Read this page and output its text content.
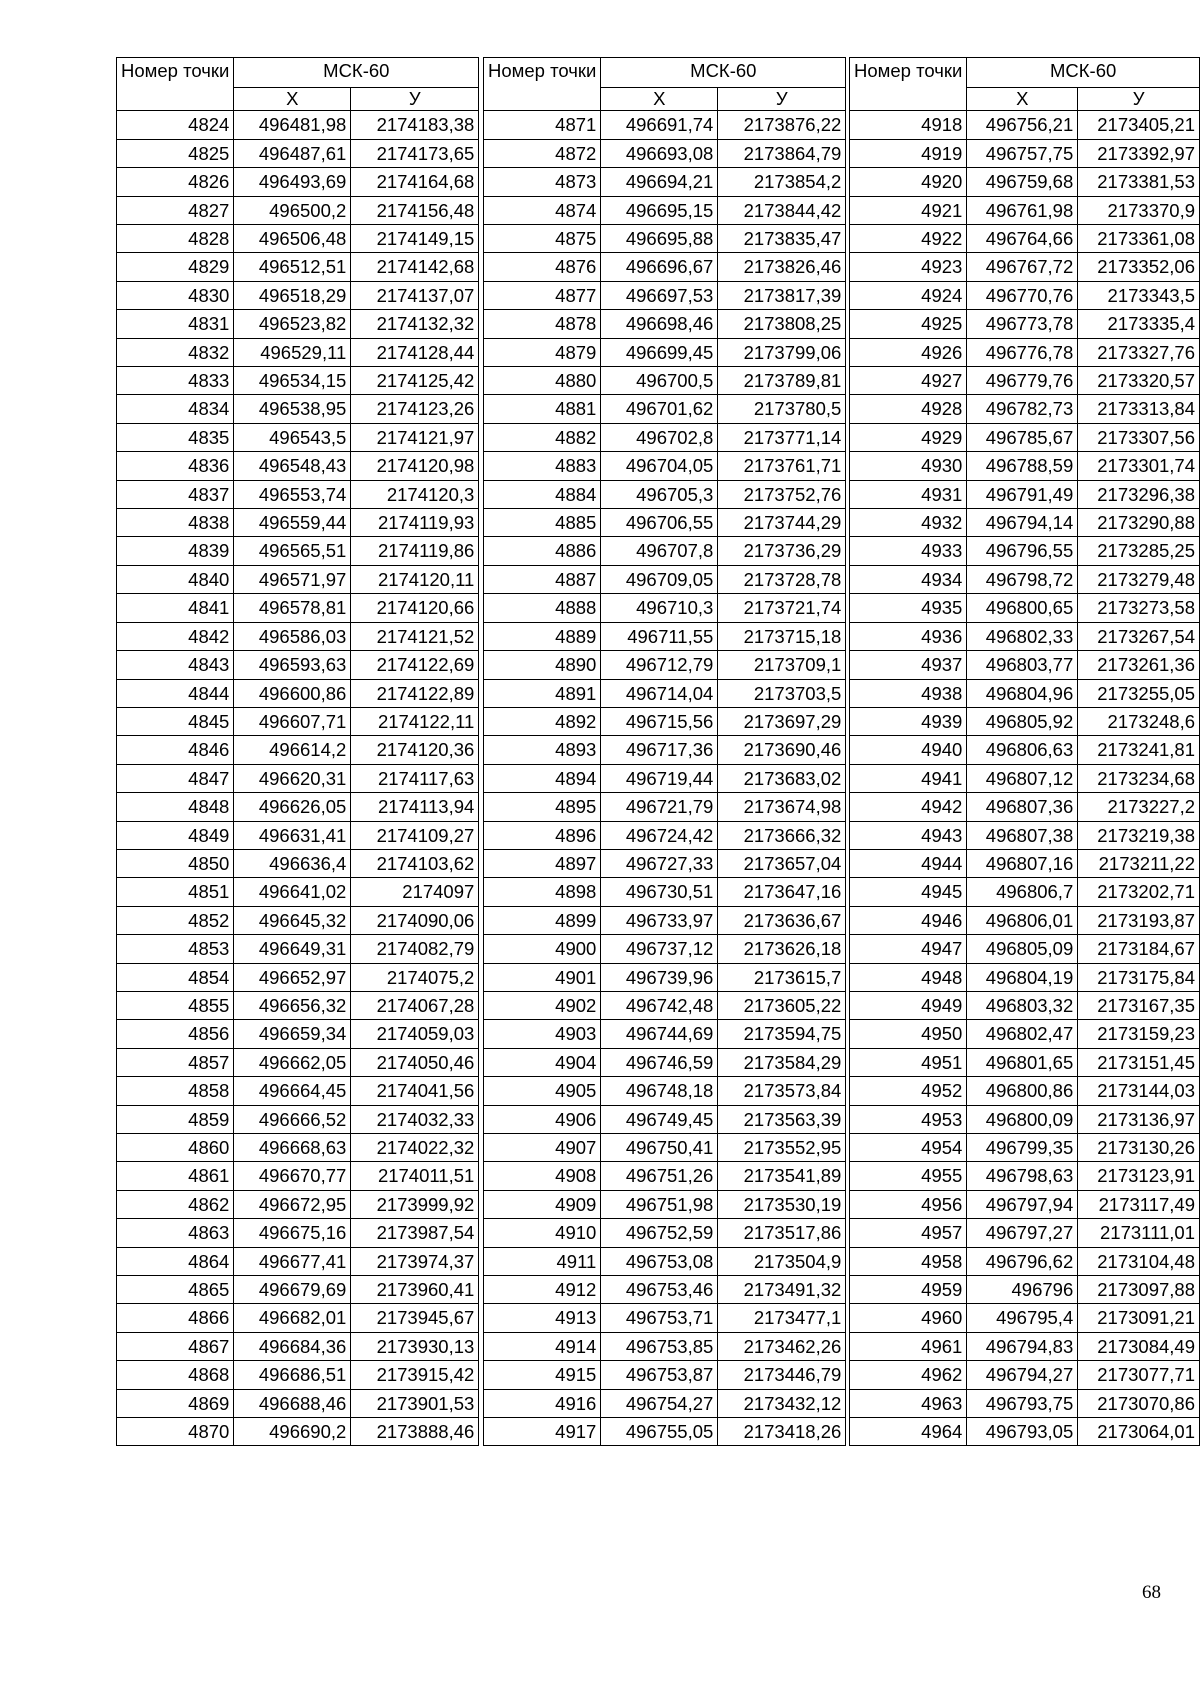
Номер точки	МСК-60	
	Х	У
4824	496481,98	2174183,38
4825	496487,61	2174173,65
4826	496493,69	2174164,68
4827	496500,2	2174156,48
4828	496506,48	2174149,15
4829	496512,51	2174142,68
4830	496518,29	2174137,07
4831	496523,82	2174132,32
4832	496529,11	2174128,44
4833	496534,15	2174125,42
4834	496538,95	2174123,26
4835	496543,5	2174121,97
4836	496548,43	2174120,98
4837	496553,74	2174120,3
4838	496559,44	2174119,93
4839	496565,51	2174119,86
4840	496571,97	2174120,11
4841	496578,81	2174120,66
4842	496586,03	2174121,52
4843	496593,63	2174122,69
4844	496600,86	2174122,89
4845	496607,71	2174122,11
4846	496614,2	2174120,36
4847	496620,31	2174117,63
4848	496626,05	2174113,94
4849	496631,41	2174109,27
4850	496636,4	2174103,62
4851	496641,02	2174097
4852	496645,32	2174090,06
4853	496649,31	2174082,79
4854	496652,97	2174075,2
4855	496656,32	2174067,28
4856	496659,34	2174059,03
4857	496662,05	2174050,46
4858	496664,45	2174041,56
4859	496666,52	2174032,33
4860	496668,63	2174022,32
4861	496670,77	2174011,51
4862	496672,95	2173999,92
4863	496675,16	2173987,54
4864	496677,41	2173974,37
4865	496679,69	2173960,41
4866	496682,01	2173945,67
4867	496684,36	2173930,13
4868	496686,51	2173915,42
4869	496688,46	2173901,53
4870	496690,2	2173888,46
Номер точки	МСК-60	
	Х	У
4871	496691,74	2173876,22
4872	496693,08	2173864,79
4873	496694,21	2173854,2
4874	496695,15	2173844,42
4875	496695,88	2173835,47
4876	496696,67	2173826,46
4877	496697,53	2173817,39
4878	496698,46	2173808,25
4879	496699,45	2173799,06
4880	496700,5	2173789,81
4881	496701,62	2173780,5
4882	496702,8	2173771,14
4883	496704,05	2173761,71
4884	496705,3	2173752,76
4885	496706,55	2173744,29
4886	496707,8	2173736,29
4887	496709,05	2173728,78
4888	496710,3	2173721,74
4889	496711,55	2173715,18
4890	496712,79	2173709,1
4891	496714,04	2173703,5
4892	496715,56	2173697,29
4893	496717,36	2173690,46
4894	496719,44	2173683,02
4895	496721,79	2173674,98
4896	496724,42	2173666,32
4897	496727,33	2173657,04
4898	496730,51	2173647,16
4899	496733,97	2173636,67
4900	496737,12	2173626,18
4901	496739,96	2173615,7
4902	496742,48	2173605,22
4903	496744,69	2173594,75
4904	496746,59	2173584,29
4905	496748,18	2173573,84
4906	496749,45	2173563,39
4907	496750,41	2173552,95
4908	496751,26	2173541,89
4909	496751,98	2173530,19
4910	496752,59	2173517,86
4911	496753,08	2173504,9
4912	496753,46	2173491,32
4913	496753,71	2173477,1
4914	496753,85	2173462,26
4915	496753,87	2173446,79
4916	496754,27	2173432,12
4917	496755,05	2173418,26
Номер точки	МСК-60	
	Х	У
4918	496756,21	2173405,21
4919	496757,75	2173392,97
4920	496759,68	2173381,53
4921	496761,98	2173370,9
4922	496764,66	2173361,08
4923	496767,72	2173352,06
4924	496770,76	2173343,5
4925	496773,78	2173335,4
4926	496776,78	2173327,76
4927	496779,76	2173320,57
4928	496782,73	2173313,84
4929	496785,67	2173307,56
4930	496788,59	2173301,74
4931	496791,49	2173296,38
4932	496794,14	2173290,88
4933	496796,55	2173285,25
4934	496798,72	2173279,48
4935	496800,65	2173273,58
4936	496802,33	2173267,54
4937	496803,77	2173261,36
4938	496804,96	2173255,05
4939	496805,92	2173248,6
4940	496806,63	2173241,81
4941	496807,12	2173234,68
4942	496807,36	2173227,2
4943	496807,38	2173219,38
4944	496807,16	2173211,22
4945	496806,7	2173202,71
4946	496806,01	2173193,87
4947	496805,09	2173184,67
4948	496804,19	2173175,84
4949	496803,32	2173167,35
4950	496802,47	2173159,23
4951	496801,65	2173151,45
4952	496800,86	2173144,03
4953	496800,09	2173136,97
4954	496799,35	2173130,26
4955	496798,63	2173123,91
4956	496797,94	2173117,49
4957	496797,27	2173111,01
4958	496796,62	2173104,48
4959	496796	2173097,88
4960	496795,4	2173091,21
4961	496794,83	2173084,49
4962	496794,27	2173077,71
4963	496793,75	2173070,86
4964	496793,05	2173064,01
68
